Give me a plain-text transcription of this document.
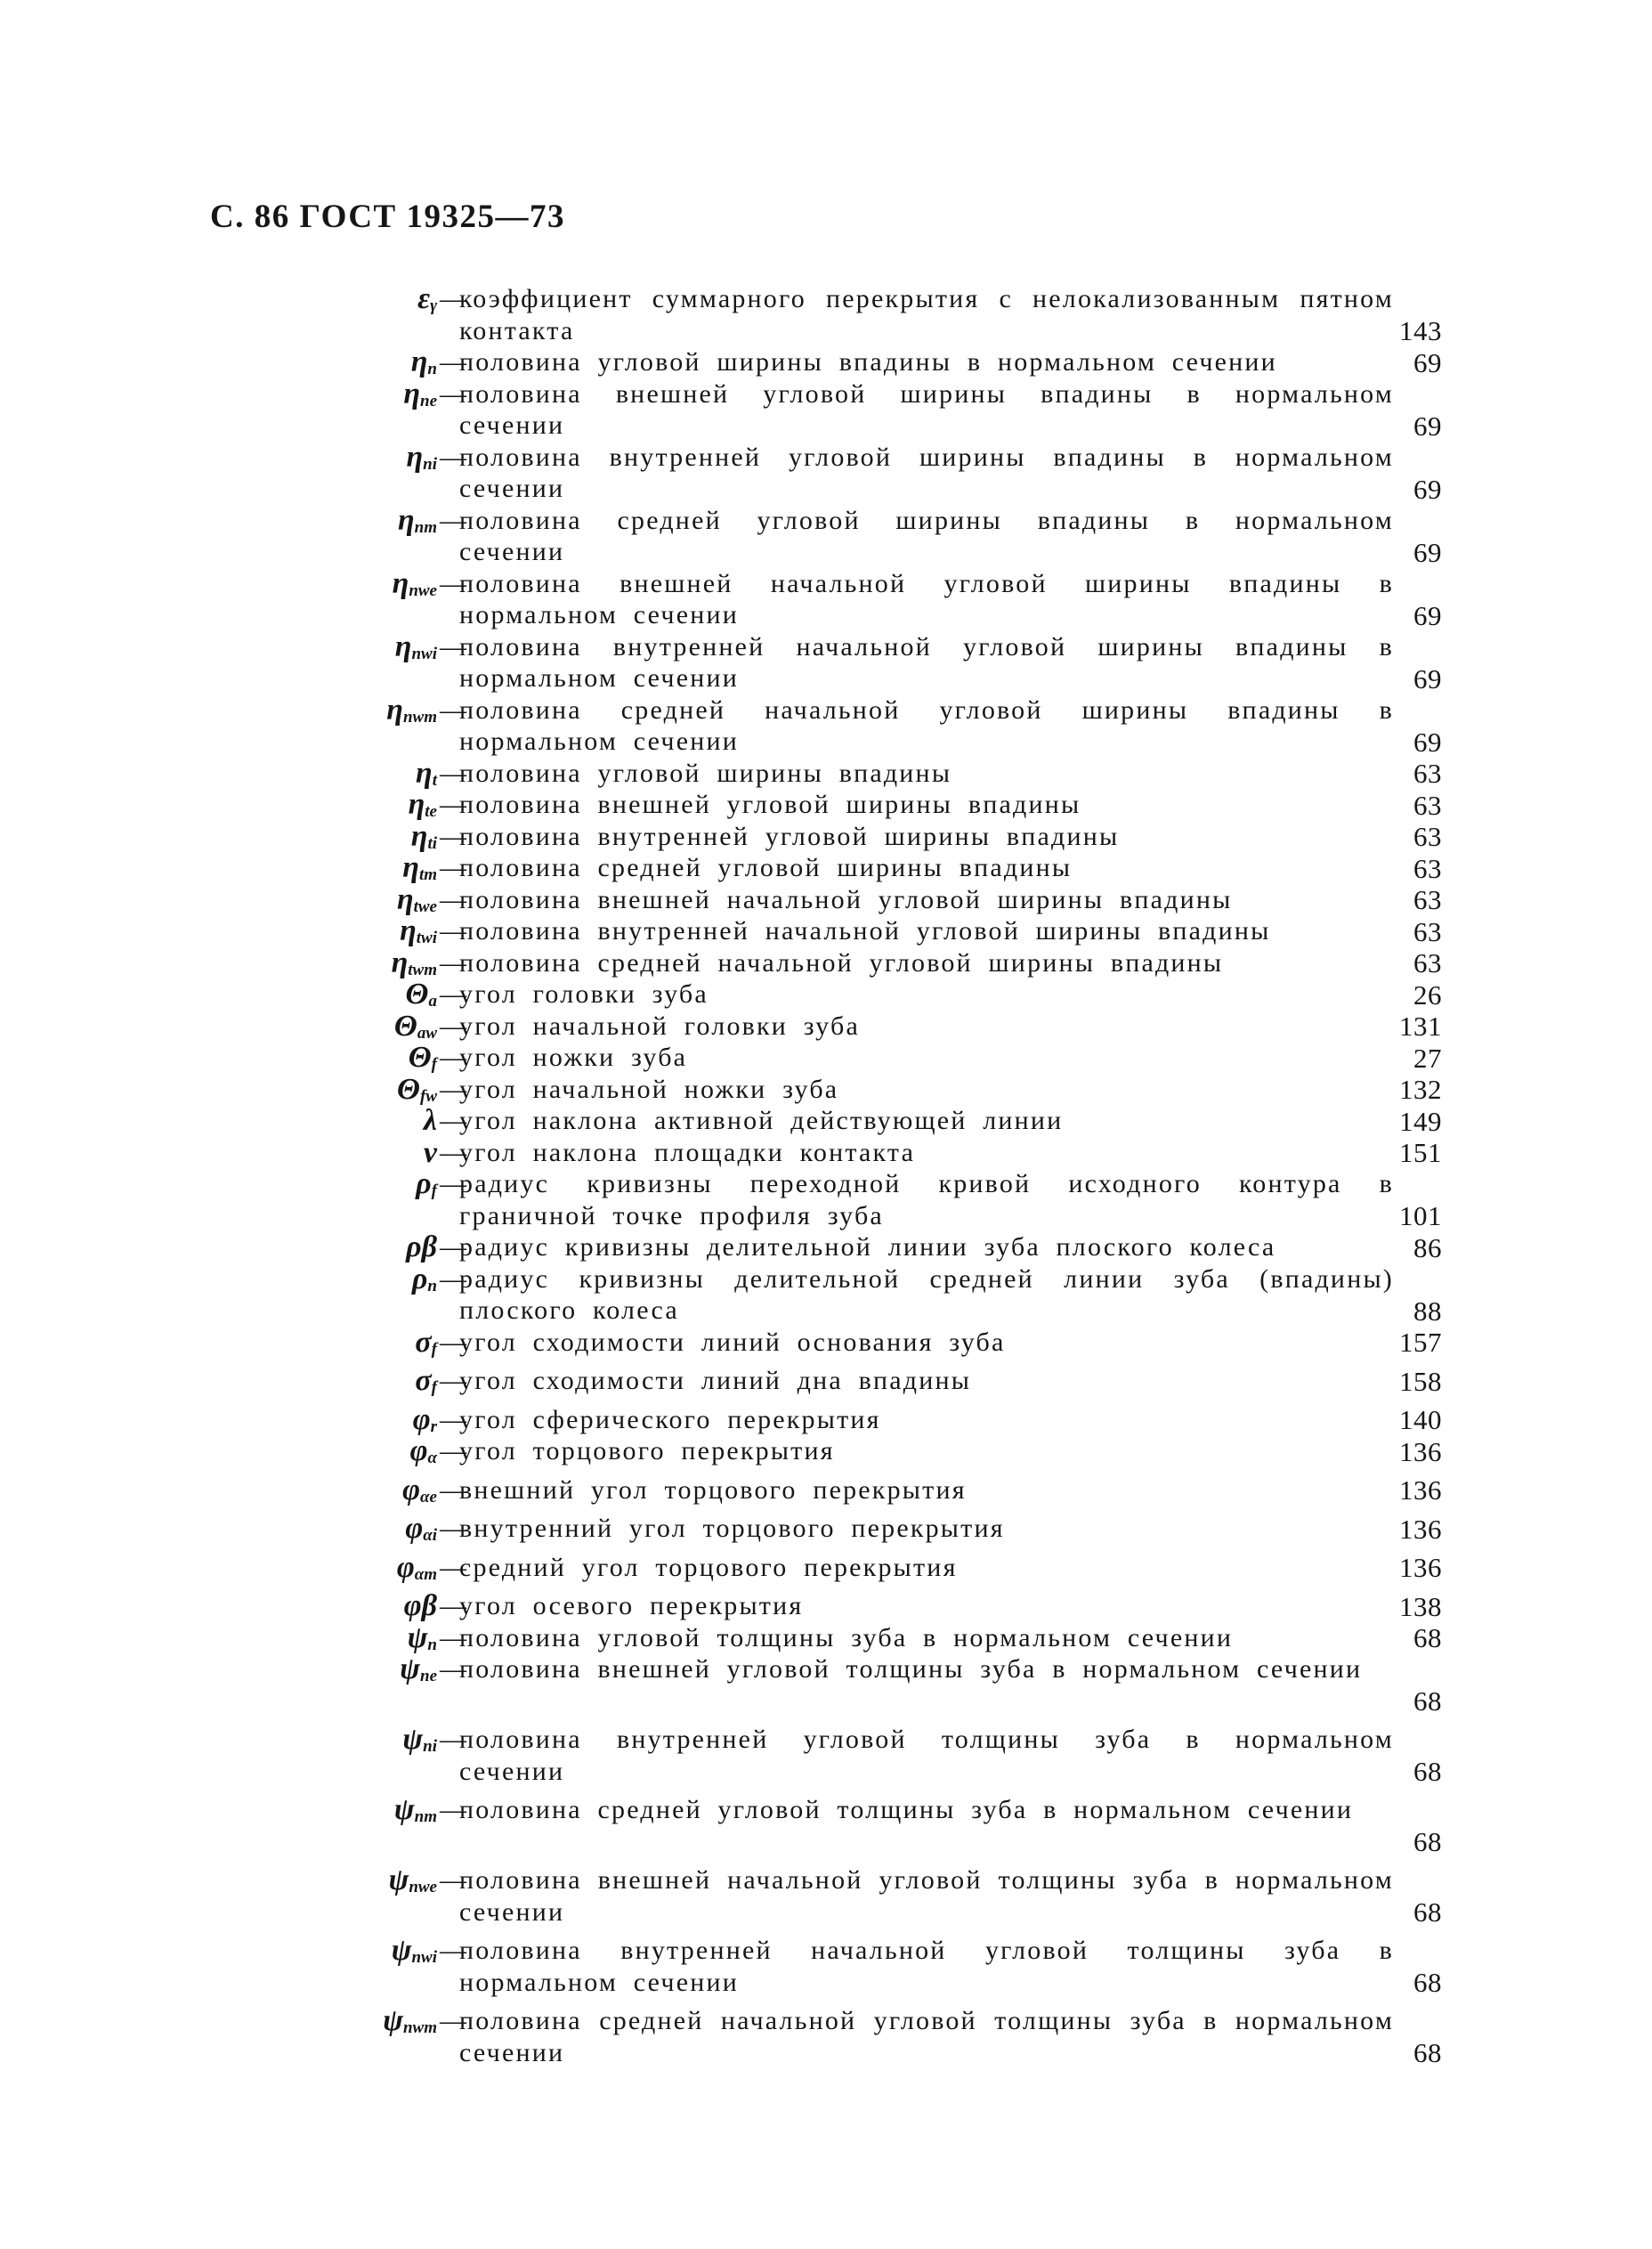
С. 86 ГОСТ 19325—73
$\varepsilon_\gamma$ —
коэффициент суммарного перекрытия с нелокализованным пятном контакта	143
$\eta_n$ —
половина угловой ширины впадины в нормальном сечении	69
$\eta_{ne}$ —
половина внешней угловой ширины впадины в нормальном сечении	69
$\eta_{ni}$ —
половина внутренней угловой ширины впадины в нормальном сечении	69
$\eta_{nm}$ —
половина средней угловой ширины впадины в нормальном сечении	69
$\eta_{nwe}$ —
половина внешней начальной угловой ширины впадины в нормальном сечении	69
$\eta_{nwi}$ —
половина внутренней начальной угловой ширины впадины в нормальном сечении	69
$\eta_{nwm}$ —
половина средней начальной угловой ширины впадины в нормальном сечении	69
$\eta_t$ —
половина угловой ширины впадины	63
$\eta_{te}$ —
половина внешней угловой ширины впадины	63
$\eta_{ti}$ —
половина внутренней угловой ширины впадины	63
$\eta_{tm}$ —
половина средней угловой ширины впадины	63
$\eta_{twe}$ —
половина внешней начальной угловой ширины впадины	63
$\eta_{twi}$ —
половина внутренней начальной угловой ширины впадины	63
$\eta_{twm}$ —
половина средней начальной угловой ширины впадины	63
$\Theta_a$ —
угол головки зуба	26
$\Theta_{aw}$ —
угол начальной головки зуба	131
$\Theta_f$ —
угол ножки зуба	27
$\Theta_{fw}$ —
угол начальной ножки зуба	132
λ —
угол наклона активной действующей линии	149
ν —
угол наклона площадки контакта	151
$\rho_f$ —
радиус кривизны переходной кривой исходного контура в граничной точке профиля зуба	101
ρβ —
радиус кривизны делительной линии зуба плоского колеса	86
$\rho_n$ —
радиус кривизны делительной средней линии зуба (впадины) плоского колеса	88
$\sigma_f$ —
угол сходимости линий основания зуба	157
$\sigma_f$ —
угол сходимости линий дна впадины	158
$\varphi_r$ —
угол сферического перекрытия	140
$\varphi_\alpha$ —
угол торцового перекрытия	136
$\varphi_{\alpha e}$ —
внешний угол торцового перекрытия	136
$\varphi_{\alpha i}$ —
внутренний угол торцового перекрытия	136
$\varphi_{\alpha m}$ —
средний угол торцового перекрытия	136
φβ —
угол осевого перекрытия	138
$\psi_n$ —
половина угловой толщины зуба в нормальном сечении	68
$\psi_{ne}$ —
половина внешней угловой толщины зуба в нормальном сечении
68
$\psi_{ni}$ —
половина внутренней угловой толщины зуба в нормальном сечении	68
$\psi_{nm}$ —
половина средней угловой толщины зуба в нормальном сечении
68
$\psi_{nwe}$ —
половина внешней начальной угловой толщины зуба в нормальном сечении	68
$\psi_{nwi}$ —
половина внутренней начальной угловой толщины зуба в нормальном сечении	68
$\psi_{nwm}$ —
половина средней начальной угловой толщины зуба в нормальном сечении	68
